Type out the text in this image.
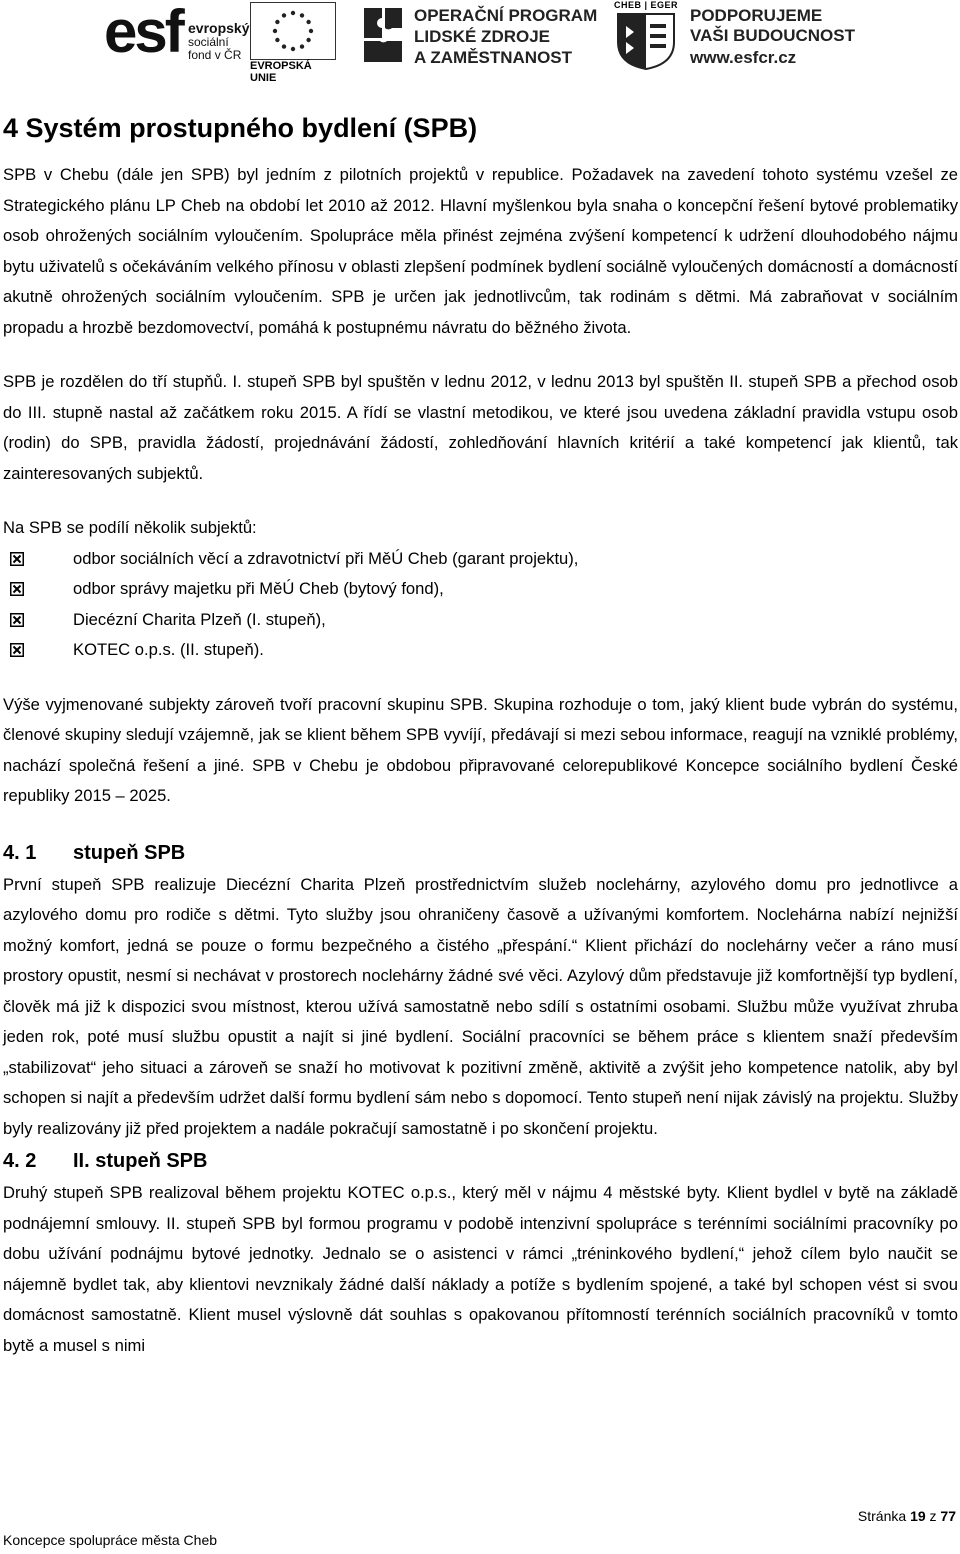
esf evropský
sociální
fond v ČR
EVROPSKÁ UNIE
OPERAČNÍ PROGRAM
LIDSKÉ ZDROJE
A ZAMĚSTNANOST
CHEB | EGER
PODPORUJEME
VAŠI BUDOUCNOST
www.esfcr.cz
4 Systém prostupného bydlení (SPB)

SPB v Chebu (dále jen SPB) byl jedním z pilotních projektů v republice. Požadavek na zavedení tohoto systému vzešel ze Strategického plánu LP Cheb na období let 2010 až 2012. Hlavní myšlenkou byla snaha o koncepční řešení bytové problematiky osob ohrožených sociálním vyloučením. Spolupráce měla přinést zejména zvýšení kompetencí k udržení dlouhodobého nájmu bytu uživatelů s očekáváním velkého přínosu v oblasti zlepšení podmínek bydlení sociálně vyloučených domácností a domácností akutně ohrožených sociálním vyloučením. SPB je určen jak jednotlivcům, tak rodinám s dětmi. Má zabraňovat v sociálním propadu a hrozbě bezdomovectví, pomáhá k postupnému návratu do běžného života.

SPB je rozdělen do tří stupňů. I. stupeň SPB byl spuštěn v lednu 2012, v lednu 2013 byl spuštěn II. stupeň SPB a přechod osob do III. stupně nastal až začátkem roku 2015. A řídí se vlastní metodikou, ve které jsou uvedena základní pravidla vstupu osob (rodin) do SPB, pravidla žádostí, projednávání žádostí, zohledňování hlavních kritérií a také kompetencí jak klientů, tak zainteresovaných subjektů.

Na SPB se podílí několik subjektů:

odbor sociálních věcí a zdravotnictví při MěÚ Cheb (garant projektu),
odbor správy majetku při MěÚ Cheb (bytový fond),
Diecézní Charita Plzeň (I. stupeň),
KOTEC o.p.s. (II. stupeň).

Výše vyjmenované subjekty zároveň tvoří pracovní skupinu SPB. Skupina rozhoduje o tom, jaký klient bude vybrán do systému, členové skupiny sledují vzájemně, jak se klient během SPB vyvíjí, předávají si mezi sebou informace, reagují na vzniklé problémy, nachází společná řešení a jiné. SPB v Chebu je obdobou připravované celorepublikové Koncepce sociálního bydlení České republiky 2015 – 2025.

4. 1	stupeň SPB

První stupeň SPB realizuje Diecézní Charita Plzeň prostřednictvím služeb noclehárny, azylového domu pro jednotlivce a azylového domu pro rodiče s dětmi. Tyto služby jsou ohraničeny časově a užívanými komfortem. Noclehárna nabízí nejnižší možný komfort, jedná se pouze o formu bezpečného a čistého „přespání.“ Klient přichází do noclehárny večer a ráno musí prostory opustit, nesmí si nechávat v prostorech noclehárny žádné své věci. Azylový dům představuje již komfortnější typ bydlení, člověk má již k dispozici svou místnost, kterou užívá samostatně nebo sdílí s ostatními osobami. Službu může využívat zhruba jeden rok, poté musí službu opustit a najít si jiné bydlení. Sociální pracovníci se během práce s klientem snaží především „stabilizovat“ jeho situaci a zároveň se snaží ho motivovat k pozitivní změně, aktivitě a zvýšit jeho kompetence natolik, aby byl schopen si najít a především udržet další formu bydlení sám nebo s dopomocí. Tento stupeň není nijak závislý na projektu. Služby byly realizovány již před projektem a nadále pokračují samostatně i po skončení projektu.

4. 2	II. stupeň SPB

Druhý stupeň SPB realizoval během projektu KOTEC o.p.s., který měl v nájmu 4 městské byty. Klient bydlel v bytě na základě podnájemní smlouvy. II. stupeň SPB byl formou programu v podobě intenzivní spolupráce s terénními sociálními pracovníky po dobu užívání podnájmu bytové jednotky. Jednalo se o asistenci v rámci „tréninkového bydlení,“ jehož cílem bylo naučit se nájemně bydlet tak, aby klientovi nevznikaly žádné další náklady a potíže s bydlením spojené, a také byl schopen vést si svou domácnost samostatně. Klient musel výslovně dát souhlas s opakovanou přítomností terénních sociálních pracovníků v tomto bytě a musel s nimi

Stránka 19 z 77
Koncepce spolupráce města Cheb
